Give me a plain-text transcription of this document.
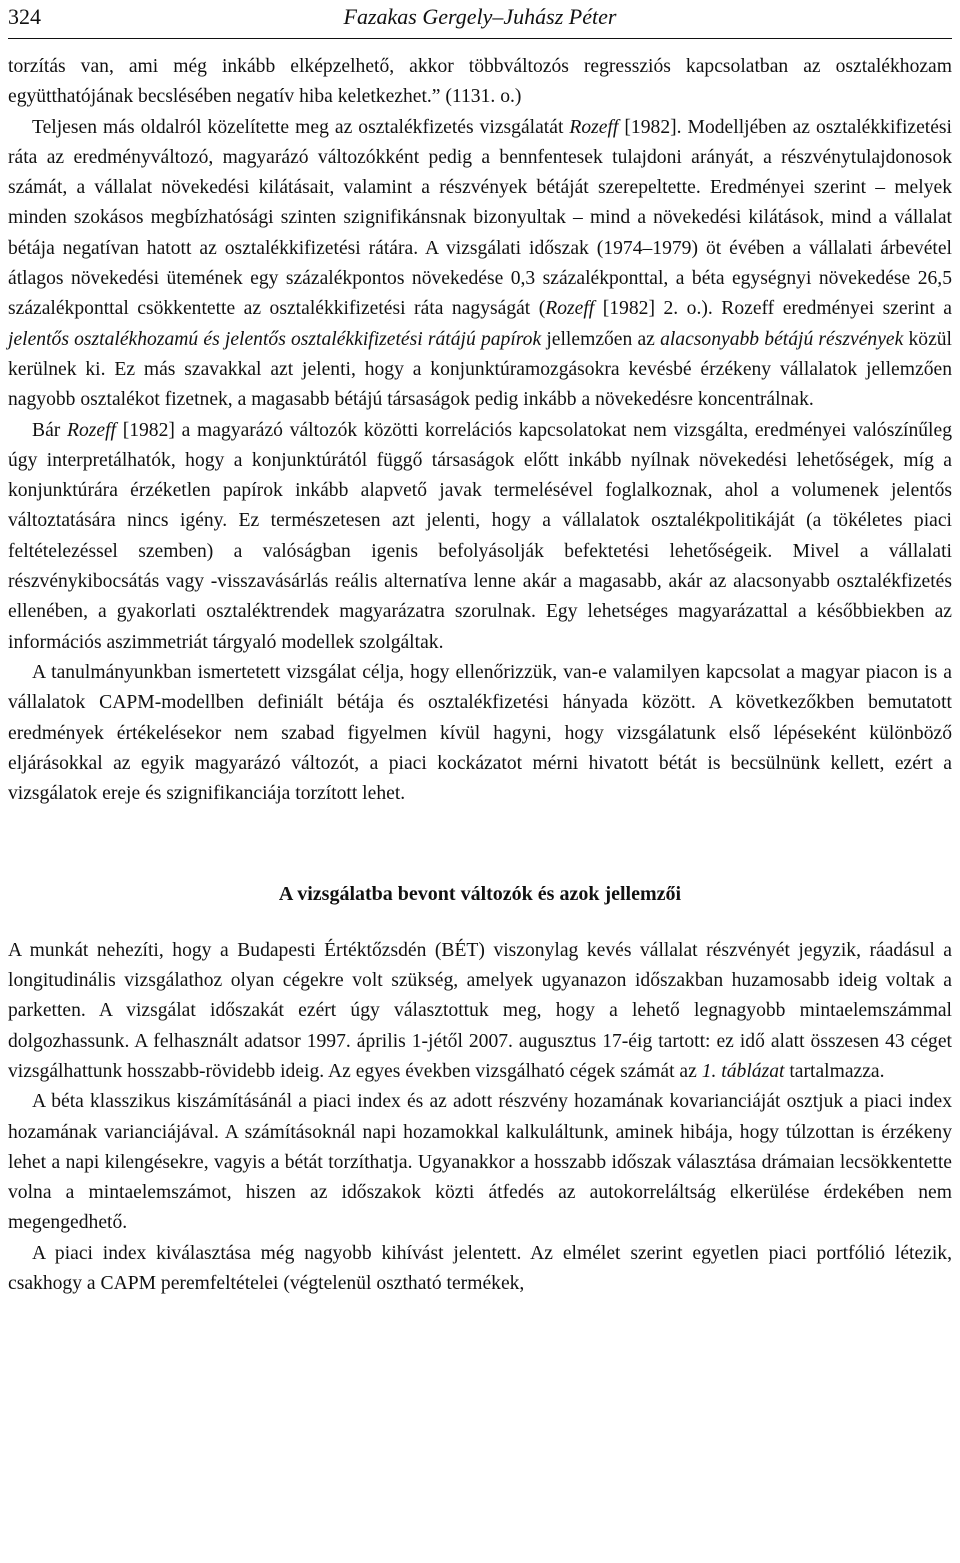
324	Fazakas Gergely–Juhász Péter

torzítás van, ami még inkább elképzelhető, akkor többváltozós regressziós kapcsolatban az osztalékhozam együtthatójának becslésében negatív hiba keletkezhet.” (1131. o.)

Teljesen más oldalról közelítette meg az osztalékfizetés vizsgálatát Rozeff [1982]. Modelljében az osztalékkifizetési ráta az eredményváltozó, magyarázó változókként pedig a bennfentesek tulajdoni arányát, a részvénytulajdonosok számát, a vállalat növekedési kilátásait, valamint a részvények bétáját szerepeltette. Eredményei szerint – melyek minden szokásos megbízhatósági szinten szignifikánsnak bizonyultak – mind a növekedési kilátások, mind a vállalat bétája negatívan hatott az osztalékkifizetési rátára. A vizsgálati időszak (1974–1979) öt évében a vállalati árbevétel átlagos növekedési ütemének egy százalékpontos növekedése 0,3 százalékponttal, a béta egységnyi növekedése 26,5 százalékponttal csökkentette az osztalékkifizetési ráta nagyságát (Rozeff [1982] 2. o.). Rozeff eredményei szerint a jelentős osztalékhozamú és jelentős osztalékkifizetési rátájú papírok jellemzően az alacsonyabb bétájú részvények közül kerülnek ki. Ez más szavakkal azt jelenti, hogy a konjunktúramozgásokra kevésbé érzékeny vállalatok jellemzően nagyobb osztalékot fizetnek, a magasabb bétájú társaságok pedig inkább a növekedésre koncentrálnak.

Bár Rozeff [1982] a magyarázó változók közötti korrelációs kapcsolatokat nem vizsgálta, eredményei valószínűleg úgy interpretálhatók, hogy a konjunktúrától függő társaságok előtt inkább nyílnak növekedési lehetőségek, míg a konjunktúrára érzéketlen papírok inkább alapvető javak termelésével foglalkoznak, ahol a volumenek jelentős változtatására nincs igény. Ez természetesen azt jelenti, hogy a vállalatok osztalékpolitikáját (a tökéletes piaci feltételezéssel szemben) a valóságban igenis befolyásolják befektetési lehetőségeik. Mivel a vállalati részvénykibocsátás vagy -visszavásárlás reális alternatíva lenne akár a magasabb, akár az alacsonyabb osztalékfizetés ellenében, a gyakorlati osztaléktrendek magyarázatra szorulnak. Egy lehetséges magyarázattal a későbbiekben az információs aszimmetriát tárgyaló modellek szolgáltak.

A tanulmányunkban ismertetett vizsgálat célja, hogy ellenőrizzük, van-e valamilyen kapcsolat a magyar piacon is a vállalatok CAPM-modellben definiált bétája és osztalékfizetési hányada között. A következőkben bemutatott eredmények értékelésekor nem szabad figyelmen kívül hagyni, hogy vizsgálatunk első lépéseként különböző eljárásokkal az egyik magyarázó változót, a piaci kockázatot mérni hivatott bétát is becsülnünk kellett, ezért a vizsgálatok ereje és szignifikanciája torzított lehet.

A vizsgálatba bevont változók és azok jellemzői

A munkát nehezíti, hogy a Budapesti Értéktőzsdén (BÉT) viszonylag kevés vállalat részvényét jegyzik, ráadásul a longitudinális vizsgálathoz olyan cégekre volt szükség, amelyek ugyanazon időszakban huzamosabb ideig voltak a parketten. A vizsgálat időszakát ezért úgy választottuk meg, hogy a lehető legnagyobb mintaelemszámmal dolgozhassunk. A felhasznált adatsor 1997. április 1-jétől 2007. augusztus 17-éig tartott: ez idő alatt összesen 43 céget vizsgálhattunk hosszabb-rövidebb ideig. Az egyes években vizsgálható cégek számát az 1. táblázat tartalmazza.

A béta klasszikus kiszámításánál a piaci index és az adott részvény hozamának kovarianciáját osztjuk a piaci index hozamának varianciájával. A számításoknál napi hozamokkal kalkuláltunk, aminek hibája, hogy túlzottan is érzékeny lehet a napi kilengésekre, vagyis a bétát torzíthatja. Ugyanakkor a hosszabb időszak választása drámaian lecsökkentette volna a mintaelemszámot, hiszen az időszakok közti átfedés az autokorreláltság elkerülése érdekében nem megengedhető.

A piaci index kiválasztása még nagyobb kihívást jelentett. Az elmélet szerint egyetlen piaci portfólió létezik, csakhogy a CAPM peremfeltételei (végtelenül osztható termékek,
